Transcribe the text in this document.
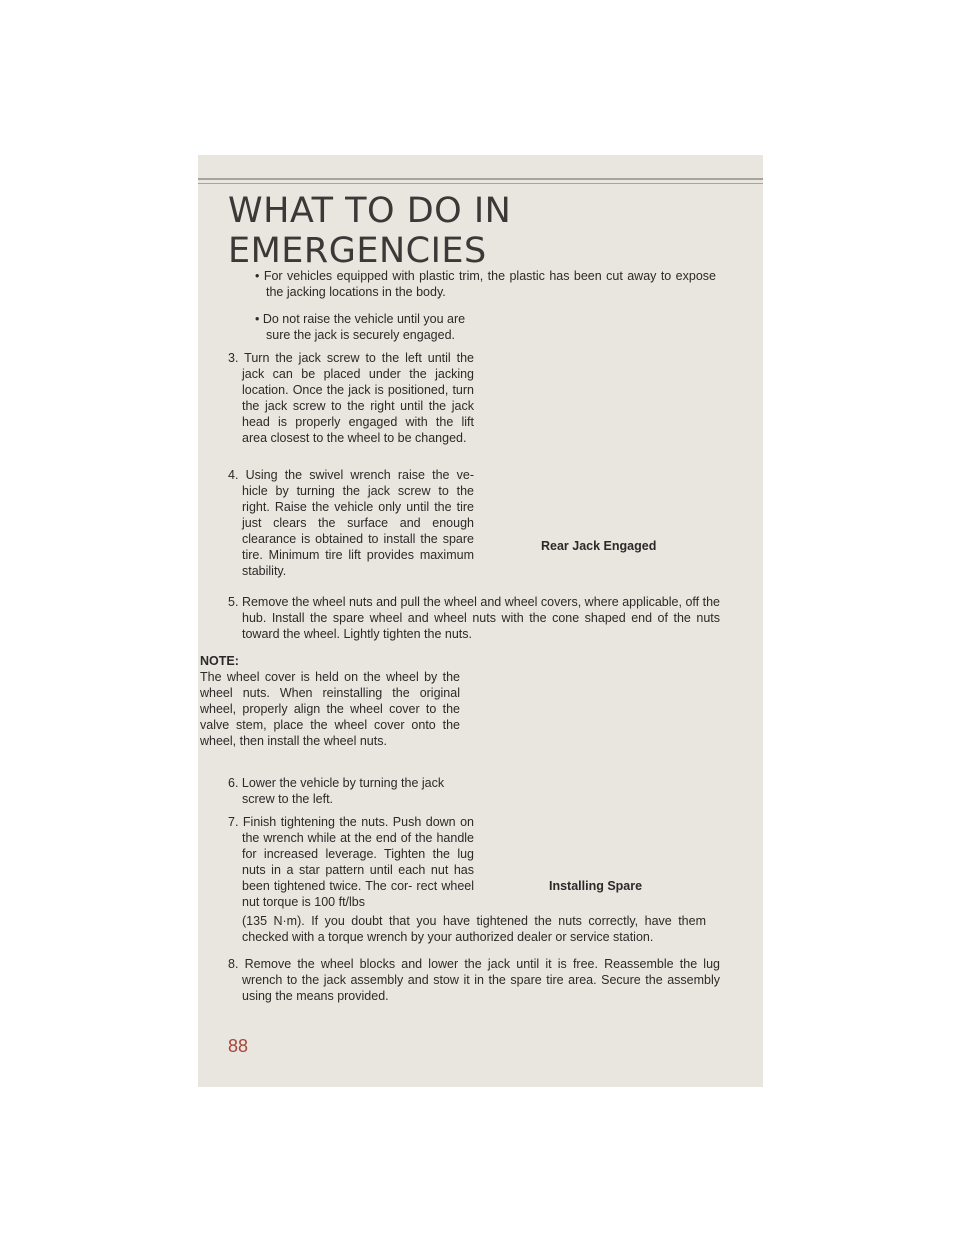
WHAT TO DO IN EMERGENCIES
• For vehicles equipped with plastic trim, the plastic has been cut away to expose the jacking locations in the body.
• Do not raise the vehicle until you are sure the jack is securely engaged.
3. Turn the jack screw to the left until the jack can be placed under the jacking location. Once the jack is positioned, turn the jack screw to the right until the jack head is properly engaged with the lift area closest to the wheel to be changed.
4. Using the swivel wrench raise the ve- hicle by turning the jack screw to the right. Raise the vehicle only until the tire just clears the surface and enough clearance is obtained to install the spare tire. Minimum tire lift provides maximum stability.
Rear Jack Engaged
5. Remove the wheel nuts and pull the wheel and wheel covers, where applicable, off the hub. Install the spare wheel and wheel nuts with the cone shaped end of the nuts toward the wheel. Lightly tighten the nuts.
NOTE:
The wheel cover is held on the wheel by the wheel nuts. When reinstalling the original wheel, properly align the wheel cover to the valve stem, place the wheel cover onto the wheel, then install the wheel nuts.
6. Lower the vehicle by turning the jack screw to the left.
7. Finish tightening the nuts. Push down on the wrench while at the end of the handle for increased leverage. Tighten the lug nuts in a star pattern until each nut has been tightened twice. The cor- rect wheel nut torque is 100 ft/lbs
(135 N·m). If you doubt that you have tightened the nuts correctly, have them checked with a torque wrench by your authorized dealer or service station.
Installing Spare
8. Remove the wheel blocks and lower the jack until it is free. Reassemble the lug wrench to the jack assembly and stow it in the spare tire area. Secure the assembly using the means provided.
88
